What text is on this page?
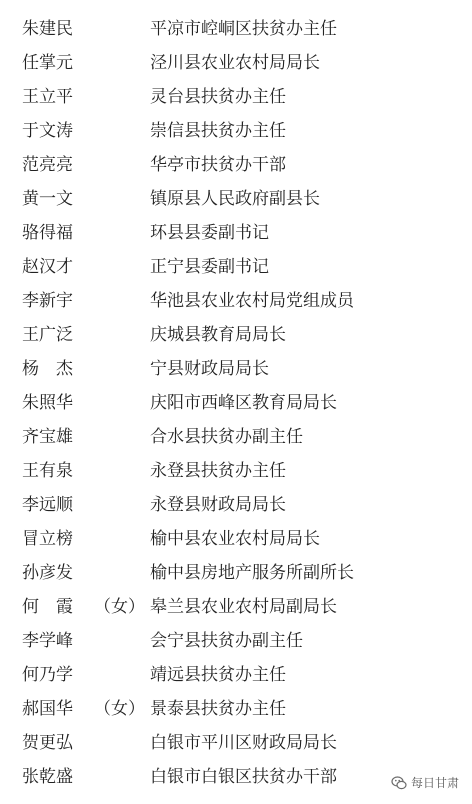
朱建民	平凉市崆峒区扶贫办主任
任掌元	泾川县农业农村局局长
王立平	灵台县扶贫办主任
于文涛	崇信县扶贫办主任
范亮亮	华亭市扶贫办干部
黄一文	镇原县人民政府副县长
骆得福	环县县委副书记
赵汉才	正宁县委副书记
李新宇	华池县农业农村局党组成员
王广泛	庆城县教育局局长
杨　杰	宁县财政局局长
朱照华	庆阳市西峰区教育局局长
齐宝雄	合水县扶贫办副主任
王有泉	永登县扶贫办主任
李远顺	永登县财政局局长
冒立榜	榆中县农业农村局局长
孙彦发	榆中县房地产服务所副所长
何　霞 （女） 皋兰县农业农村局副局长
李学峰	会宁县扶贫办副主任
何乃学	靖远县扶贫办主任
郝国华 （女） 景泰县扶贫办主任
贺更弘	白银市平川区财政局局长
张乾盛	白银市白银区扶贫办干部	每日甘肃
